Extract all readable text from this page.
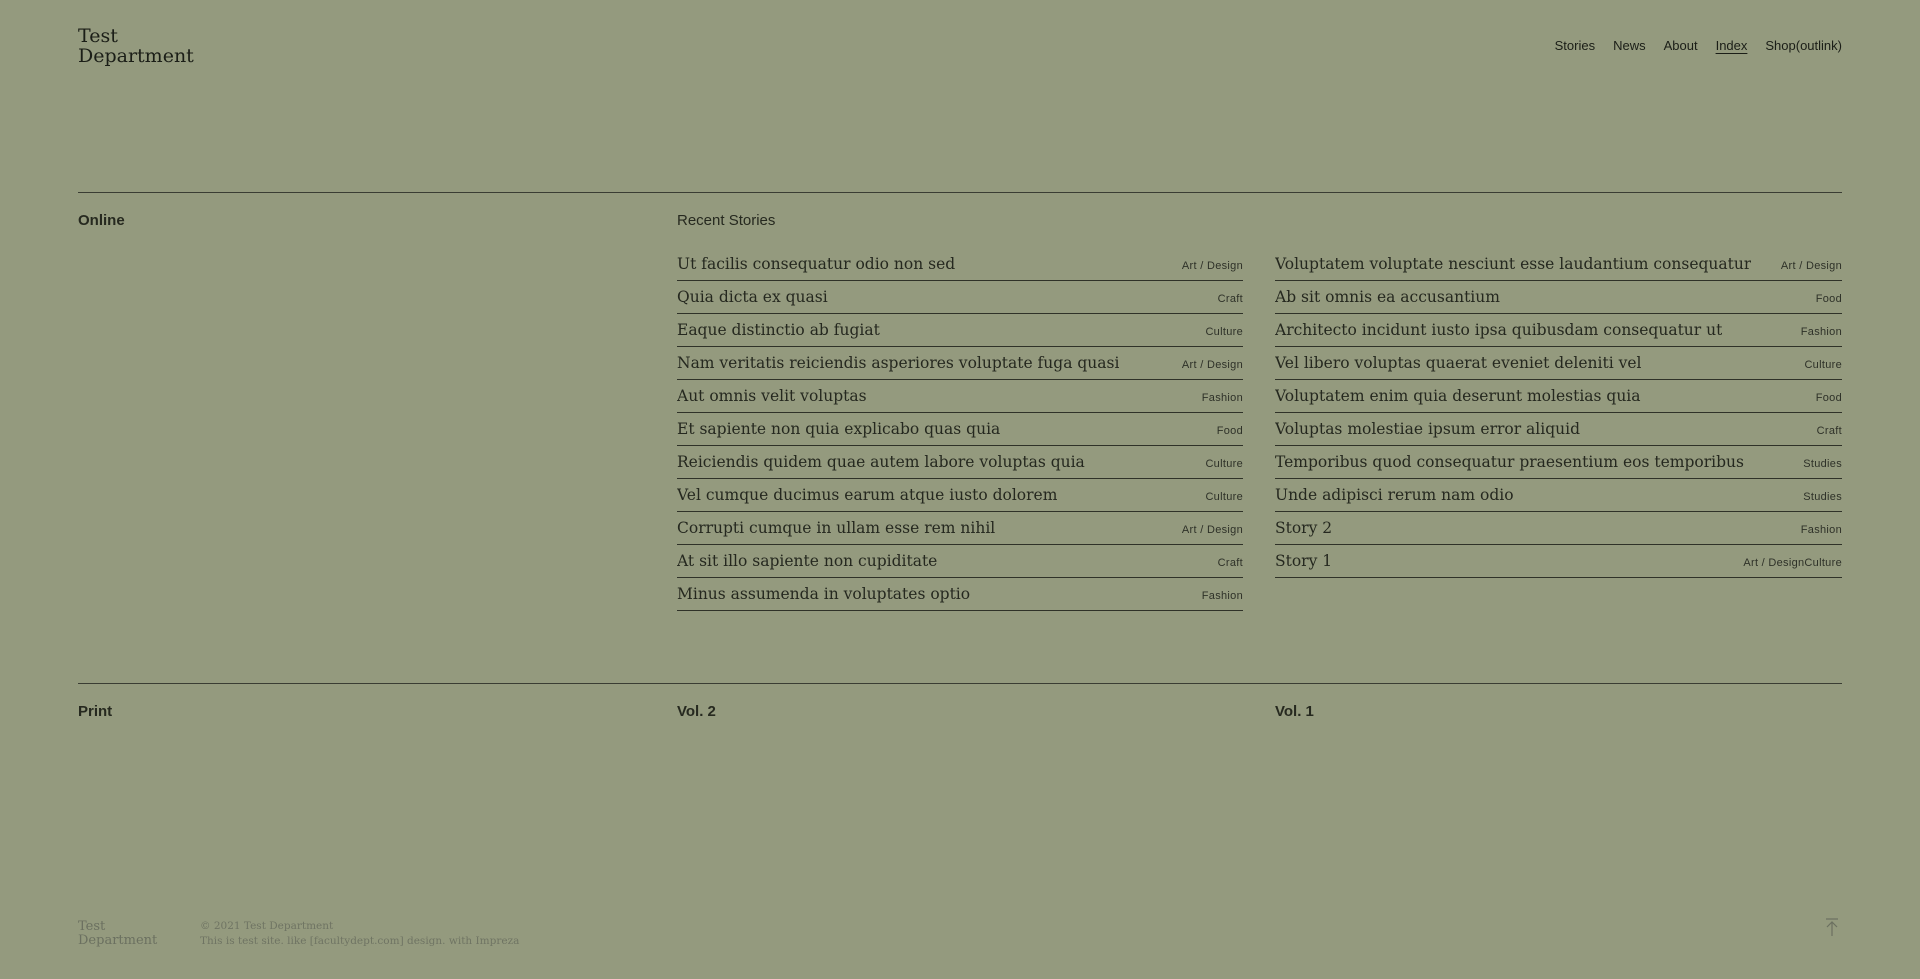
Test
Department	Stories News About Index Shop(outlink)
Online	Recent Stories
Ut facilis consequatur odio non sed	Art / Design
Quia dicta ex quasi	Craft
Eaque distinctio ab fugiat	Culture
Nam veritatis reiciendis asperiores voluptate fuga quasi	Art / Design
Aut omnis velit voluptas	Fashion
Et sapiente non quia explicabo quas quia	Food
Reiciendis quidem quae autem labore voluptas quia	Culture
Vel cumque ducimus earum atque iusto dolorem	Culture
Corrupti cumque in ullam esse rem nihil	Art / Design
At sit illo sapiente non cupiditate	Craft
Minus assumenda in voluptates optio	Fashion
Voluptatem voluptate nesciunt esse laudantium consequatur	Art / Design
Ab sit omnis ea accusantium	Food
Architecto incidunt iusto ipsa quibusdam consequatur ut	Fashion
Vel libero voluptas quaerat eveniet deleniti vel	Culture
Voluptatem enim quia deserunt molestias quia	Food
Voluptas molestiae ipsum error aliquid	Craft
Temporibus quod consequatur praesentium eos temporibus	Studies
Unde adipisci rerum nam odio	Studies
Story 2	Fashion
Story 1	Art / DesignCulture
Print	Vol. 2	Vol. 1
Test
Department
© 2021 Test Department
This is test site. like [facultydept.com] design. with Impreza
